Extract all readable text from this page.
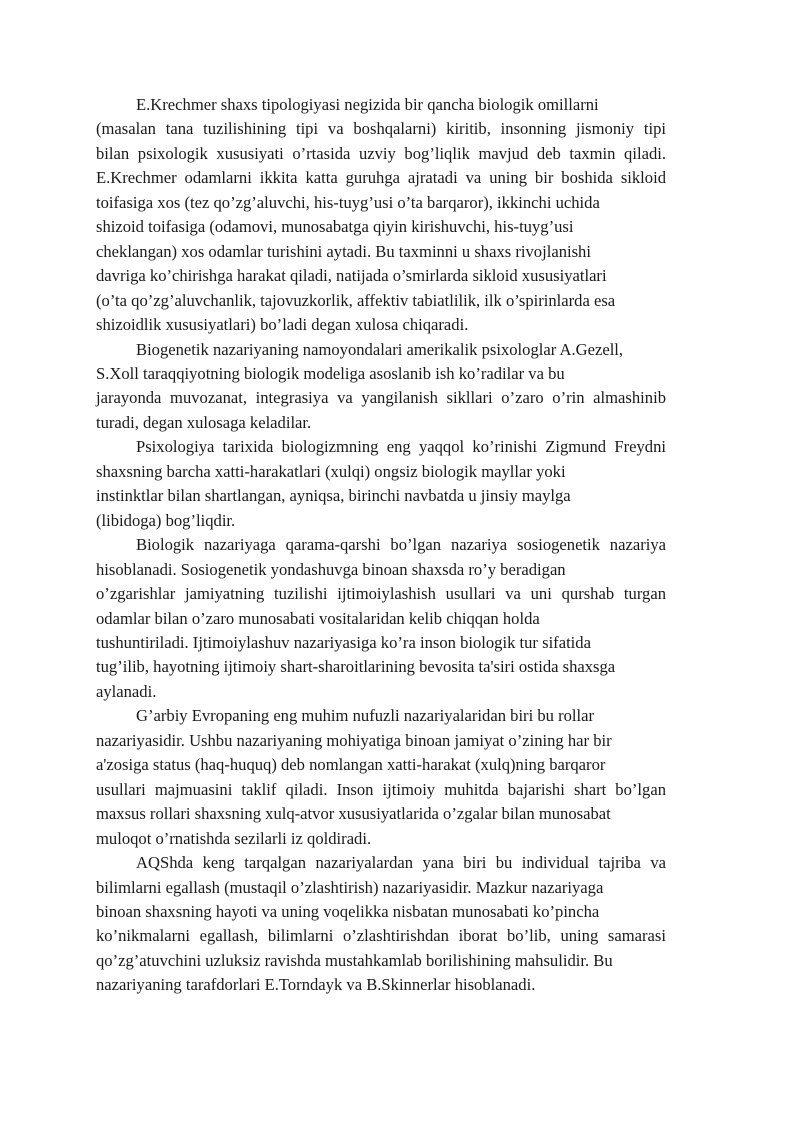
E.Krechmer shaxs tipologiyasi negizida bir qancha biologik omillarni
(masalan tana tuzilishining tipi va boshqalarni) kiritib, insonning jismoniy tipi
bilan psixologik xususiyati o’rtasida uzviy bog’liqlik mavjud deb taxmin qiladi.
E.Krechmer odamlarni ikkita katta guruhga ajratadi va uning bir boshida sikloid
toifasiga xos (tez qo’zg’aluvchi, his-tuyg’usi o’ta barqaror), ikkinchi uchida
shizoid toifasiga (odamovi, munosabatga qiyin kirishuvchi, his-tuyg’usi
cheklangan) xos odamlar turishini aytadi. Bu taxminni u shaxs rivojlanishi
davriga ko’chirishga harakat qiladi, natijada o’smirlarda sikloid xususiyatlari
(o’ta qo’zg’aluvchanlik, tajovuzkorlik, affektiv tabiatlilik, ilk o’spirinlarda esa
shizoidlik xususiyatlari) bo’ladi degan xulosa chiqaradi.

Biogenetik nazariyaning namoyondalari amerikalik psixologlar A.Gezell,
S.Xoll taraqqiyotning biologik modeliga asoslanib ish ko’radilar va bu
jarayonda muvozanat, integrasiya va yangilanish sikllari o’zaro o’rin almashinib
turadi, degan xulosaga keladilar.

Psixologiya tarixida biologizmning eng yaqqol ko’rinishi Zigmund Freydni
shaxsning barcha xatti-harakatlari (xulqi) ongsiz biologik mayllar yoki
instinktlar bilan shartlangan, ayniqsa, birinchi navbatda u jinsiy maylga
(libidoga) bog’liqdir.

Biologik nazariyaga qarama-qarshi bo’lgan nazariya sosiogenetik nazariya
hisoblanadi. Sosiogenetik yondashuvga binoan shaxsda ro’y beradigan
o’zgarishlar jamiyatning tuzilishi ijtimoiylashish usullari va uni qurshab turgan
odamlar bilan o’zaro munosabati vositalaridan kelib chiqqan holda
tushuntiriladi. Ijtimoiylashuv nazariyasiga ko’ra inson biologik tur sifatida
tug’ilib, hayotning ijtimoiy shart-sharoitlarining bevosita ta'siri ostida shaxsga
aylanadi.

G’arbiy Evropaning eng muhim nufuzli nazariyalaridan biri bu rollar
nazariyasidir. Ushbu nazariyaning mohiyatiga binoan jamiyat o’zining har bir
a'zosiga status (haq-huquq) deb nomlangan xatti-harakat (xulq)ning barqaror
usullari majmuasini taklif qiladi. Inson ijtimoiy muhitda bajarishi shart bo’lgan
maxsus rollari shaxsning xulq-atvor xususiyatlarida o’zgalar bilan munosabat
muloqot o’rnatishda sezilarli iz qoldiradi.

AQShda keng tarqalgan nazariyalardan yana biri bu individual tajriba va
bilimlarni egallash (mustaqil o’zlashtirish) nazariyasidir. Mazkur nazariyaga
binoan shaxsning hayoti va uning voqelikka nisbatan munosabati ko’pincha
ko’nikmalarni egallash, bilimlarni o’zlashtirishdan iborat bo’lib, uning samarasi
qo’zg’atuvchini uzluksiz ravishda mustahkamlab borilishining mahsulidir. Bu
nazariyaning tarafdorlari E.Torndayk va B.Skinnerlar hisoblanadi.
